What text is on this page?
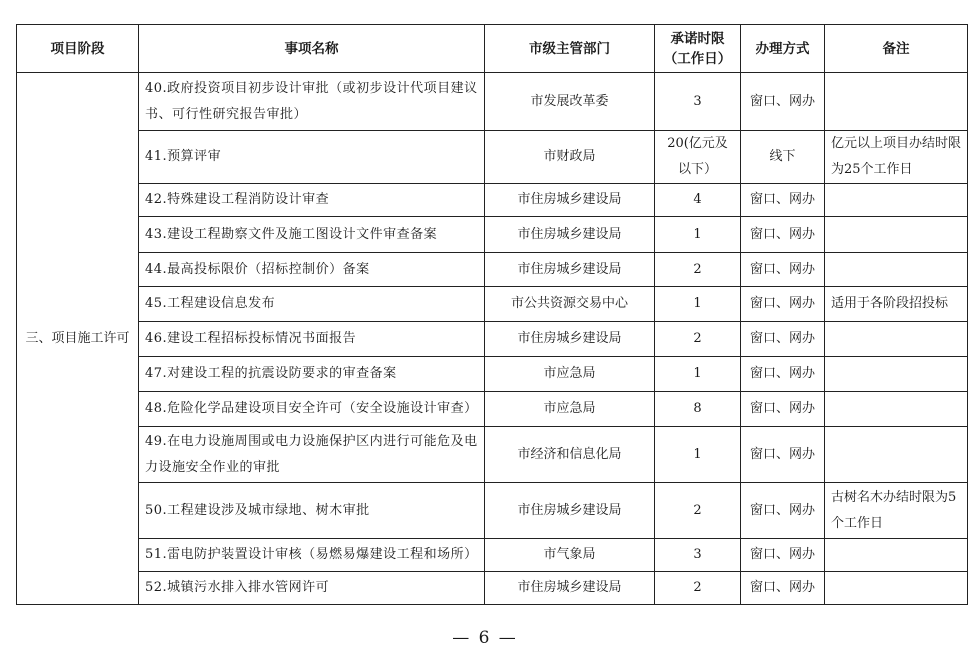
项目阶段	事项名称	市级主管部门	承诺时限（工作日）	办理方式	备注
三、项目施工许可	40.政府投资项目初步设计审批（或初步设计代项目建议书、可行性研究报告审批）	市发展改革委	3	窗口、网办	
	41.预算评审	市财政局	20(亿元及以下）	线下	亿元以上项目办结时限为25个工作日
	42.特殊建设工程消防设计审查	市住房城乡建设局	4	窗口、网办	
	43.建设工程勘察文件及施工图设计文件审查备案	市住房城乡建设局	1	窗口、网办	
	44.最高投标限价（招标控制价）备案	市住房城乡建设局	2	窗口、网办	
	45.工程建设信息发布	市公共资源交易中心	1	窗口、网办	适用于各阶段招投标
	46.建设工程招标投标情况书面报告	市住房城乡建设局	2	窗口、网办	
	47.对建设工程的抗震设防要求的审查备案	市应急局	1	窗口、网办	
	48.危险化学品建设项目安全许可（安全设施设计审查）	市应急局	8	窗口、网办	
	49.在电力设施周围或电力设施保护区内进行可能危及电力设施安全作业的审批	市经济和信息化局	1	窗口、网办	
	50.工程建设涉及城市绿地、树木审批	市住房城乡建设局	2	窗口、网办	古树名木办结时限为5个工作日
	51.雷电防护装置设计审核（易燃易爆建设工程和场所）	市气象局	3	窗口、网办	
	52.城镇污水排入排水管网许可	市住房城乡建设局	2	窗口、网办	
— 6 —
